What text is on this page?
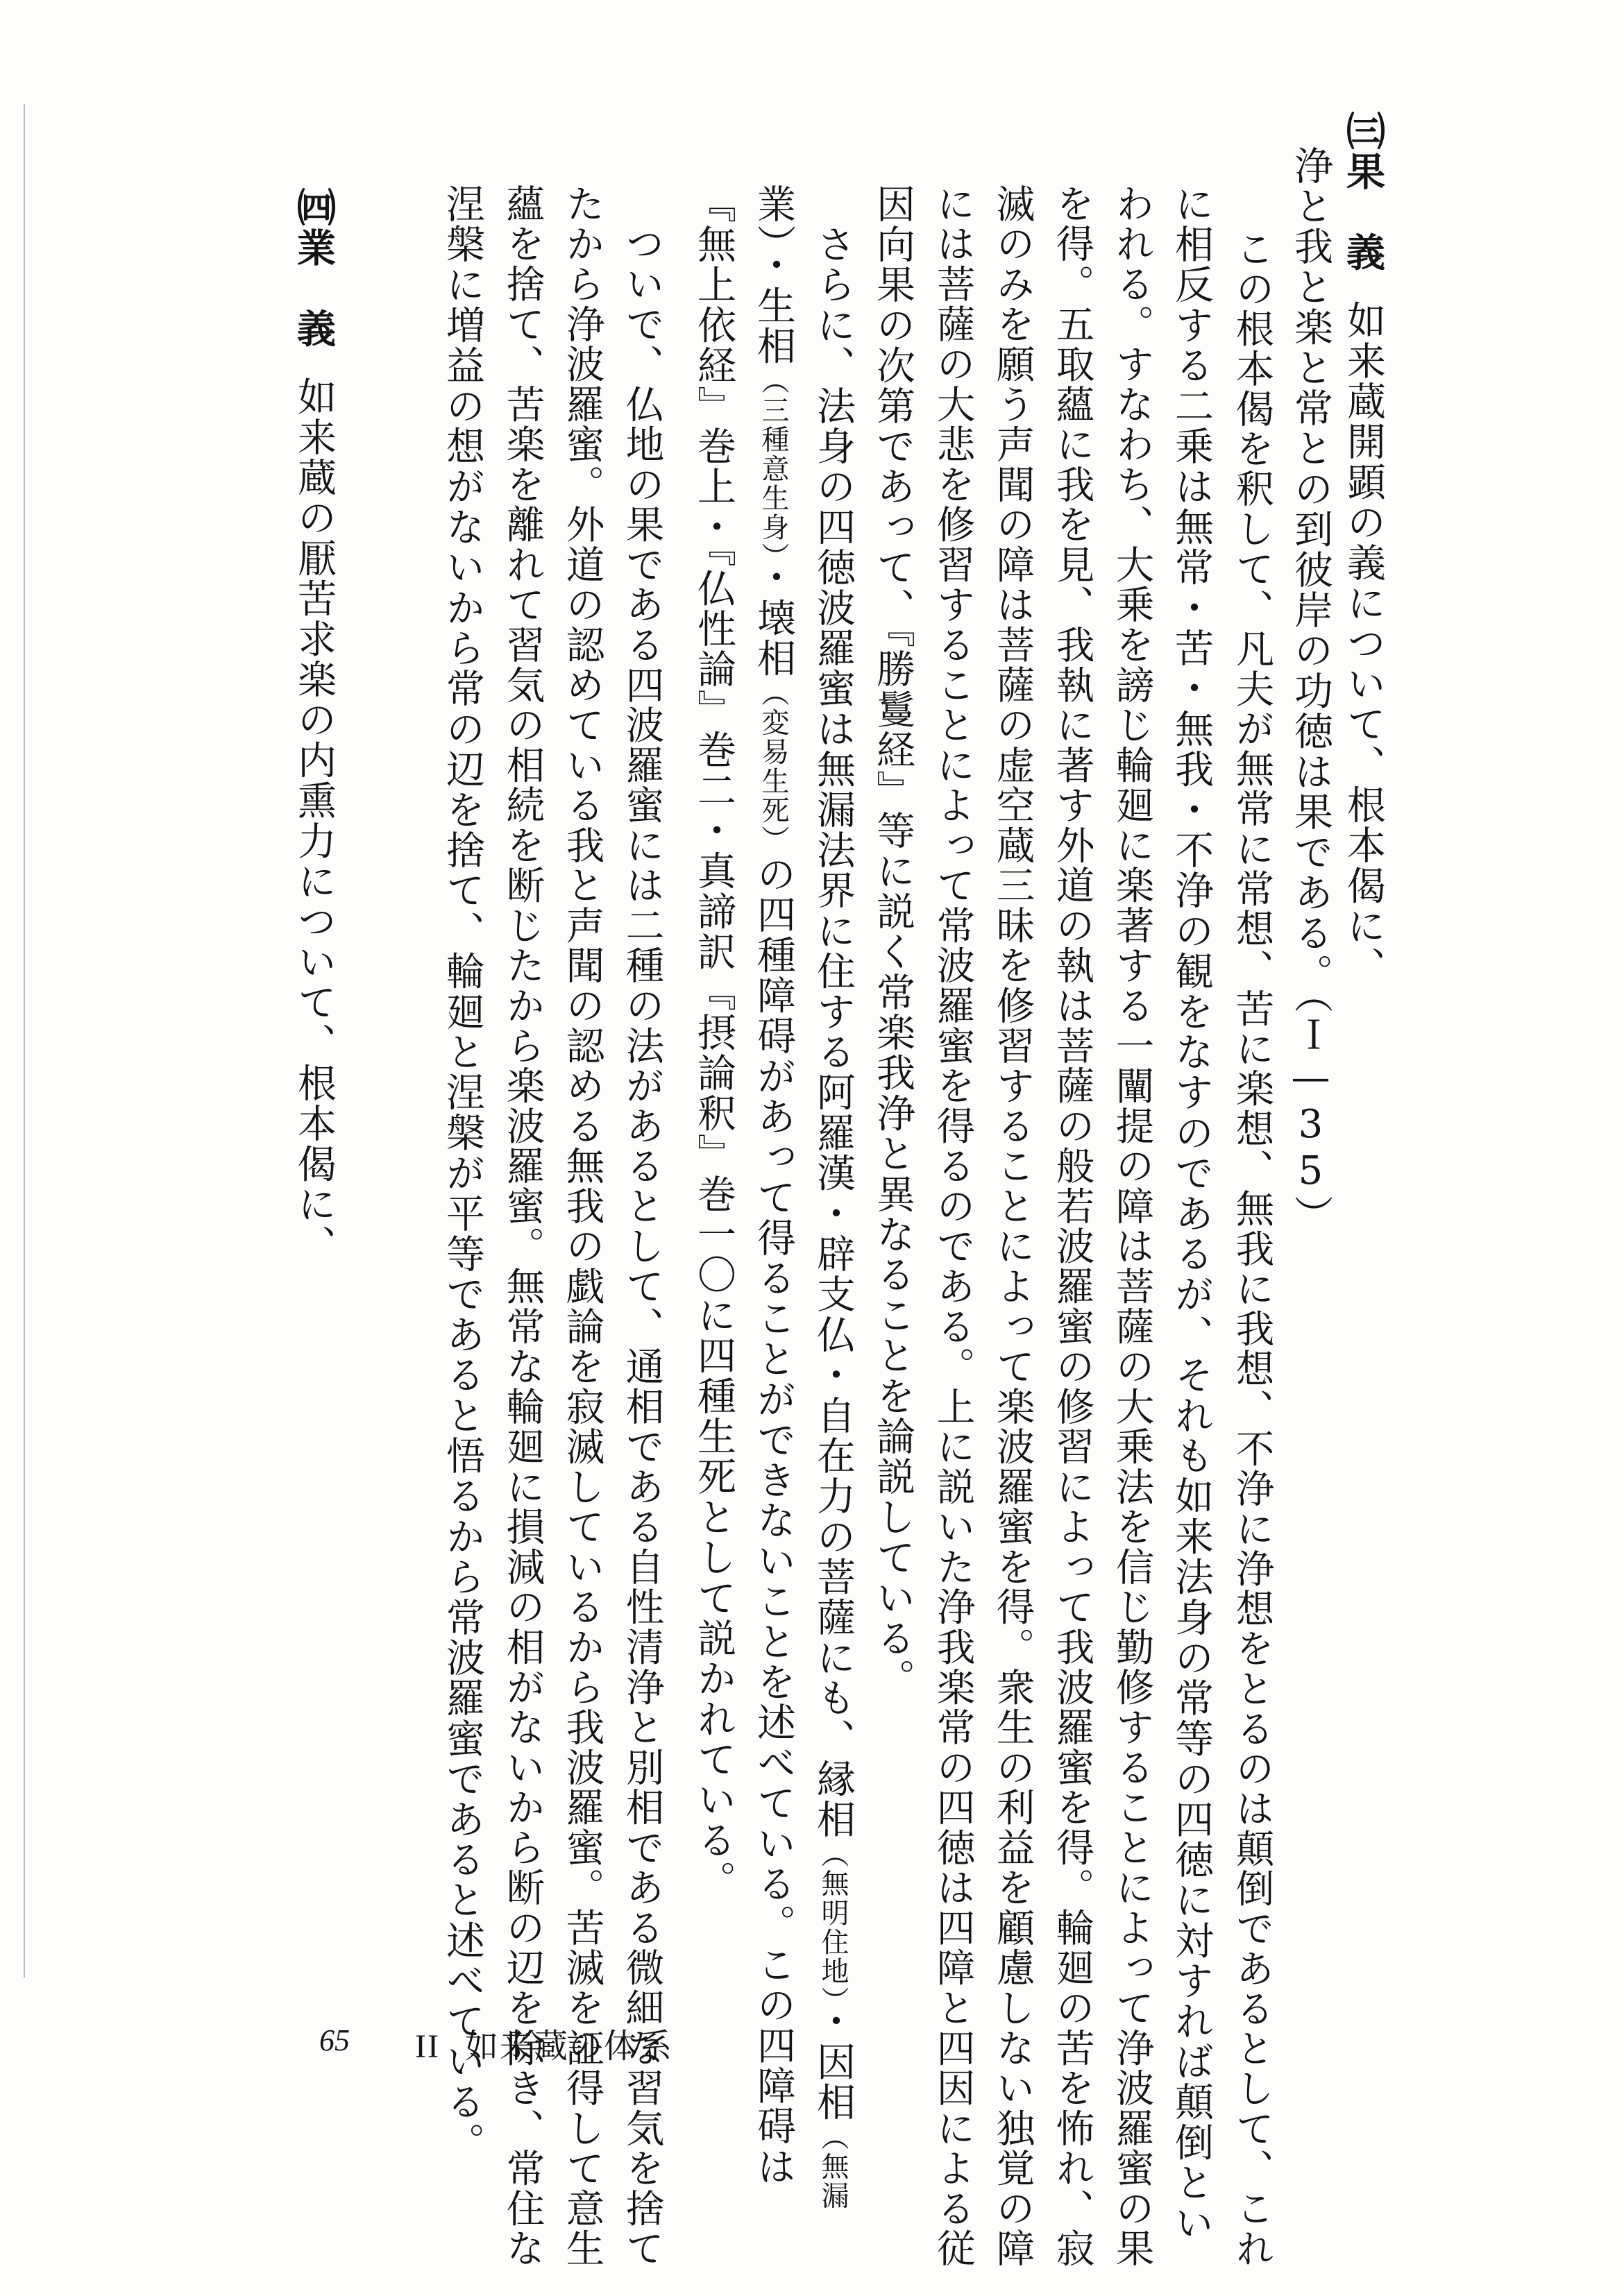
㈢果　義如来蔵開顕の義について、根本偈に、
浄と我と楽と常との到彼岸の功徳は果である。（Ｉ—35）
この根本偈を釈して、凡夫が無常に常想、苦に楽想、無我に我想、不浄に浄想をとるのは顛倒であるとして、これ
に相反する二乗は無常・苦・無我・不浄の観をなすのであるが、それも如来法身の常等の四徳に対すれば顛倒とい
われる。すなわち、大乗を謗じ輪廻に楽著する一闡提の障は菩薩の大乗法を信じ勤修することによって浄波羅蜜の果
を得。五取蘊に我を見、我執に著す外道の執は菩薩の般若波羅蜜の修習によって我波羅蜜を得。輪廻の苦を怖れ、寂
滅のみを願う声聞の障は菩薩の虚空蔵三昧を修習することによって楽波羅蜜を得。衆生の利益を顧慮しない独覚の障
には菩薩の大悲を修習することによって常波羅蜜を得るのである。上に説いた浄我楽常の四徳は四障と四因による従
因向果の次第であって、『勝鬘経』等に説く常楽我浄と異なることを論説している。
　さらに、法身の四徳波羅蜜は無漏法界に住する阿羅漢・辟支仏・自在力の菩薩にも、縁相（無明住地）・因相（無漏
業）・生相（三種意生身）・壊相（変易生死）の四種障碍があって得ることができないことを述べている。この四障碍は
『無上依経』巻上・『仏性論』巻二・真諦訳『摂論釈』巻一〇に四種生死として説かれている。
　ついで、仏地の果である四波羅蜜には二種の法があるとして、通相である自性清浄と別相である微細な習気を捨て
たから浄波羅蜜。外道の認めている我と声聞の認める無我の戯論を寂滅しているから我波羅蜜。苦滅を証得して意生
蘊を捨て、苦楽を離れて習気の相続を断じたから楽波羅蜜。無常な輪廻に損減の相がないから断の辺を除き、常住な
涅槃に増益の想がないから常の辺を捨て、輪廻と涅槃が平等であると悟るから常波羅蜜であると述べている。
㈣業　義如来蔵の厭苦求楽の内熏力について、根本偈に、
65 II 如来蔵の体系
